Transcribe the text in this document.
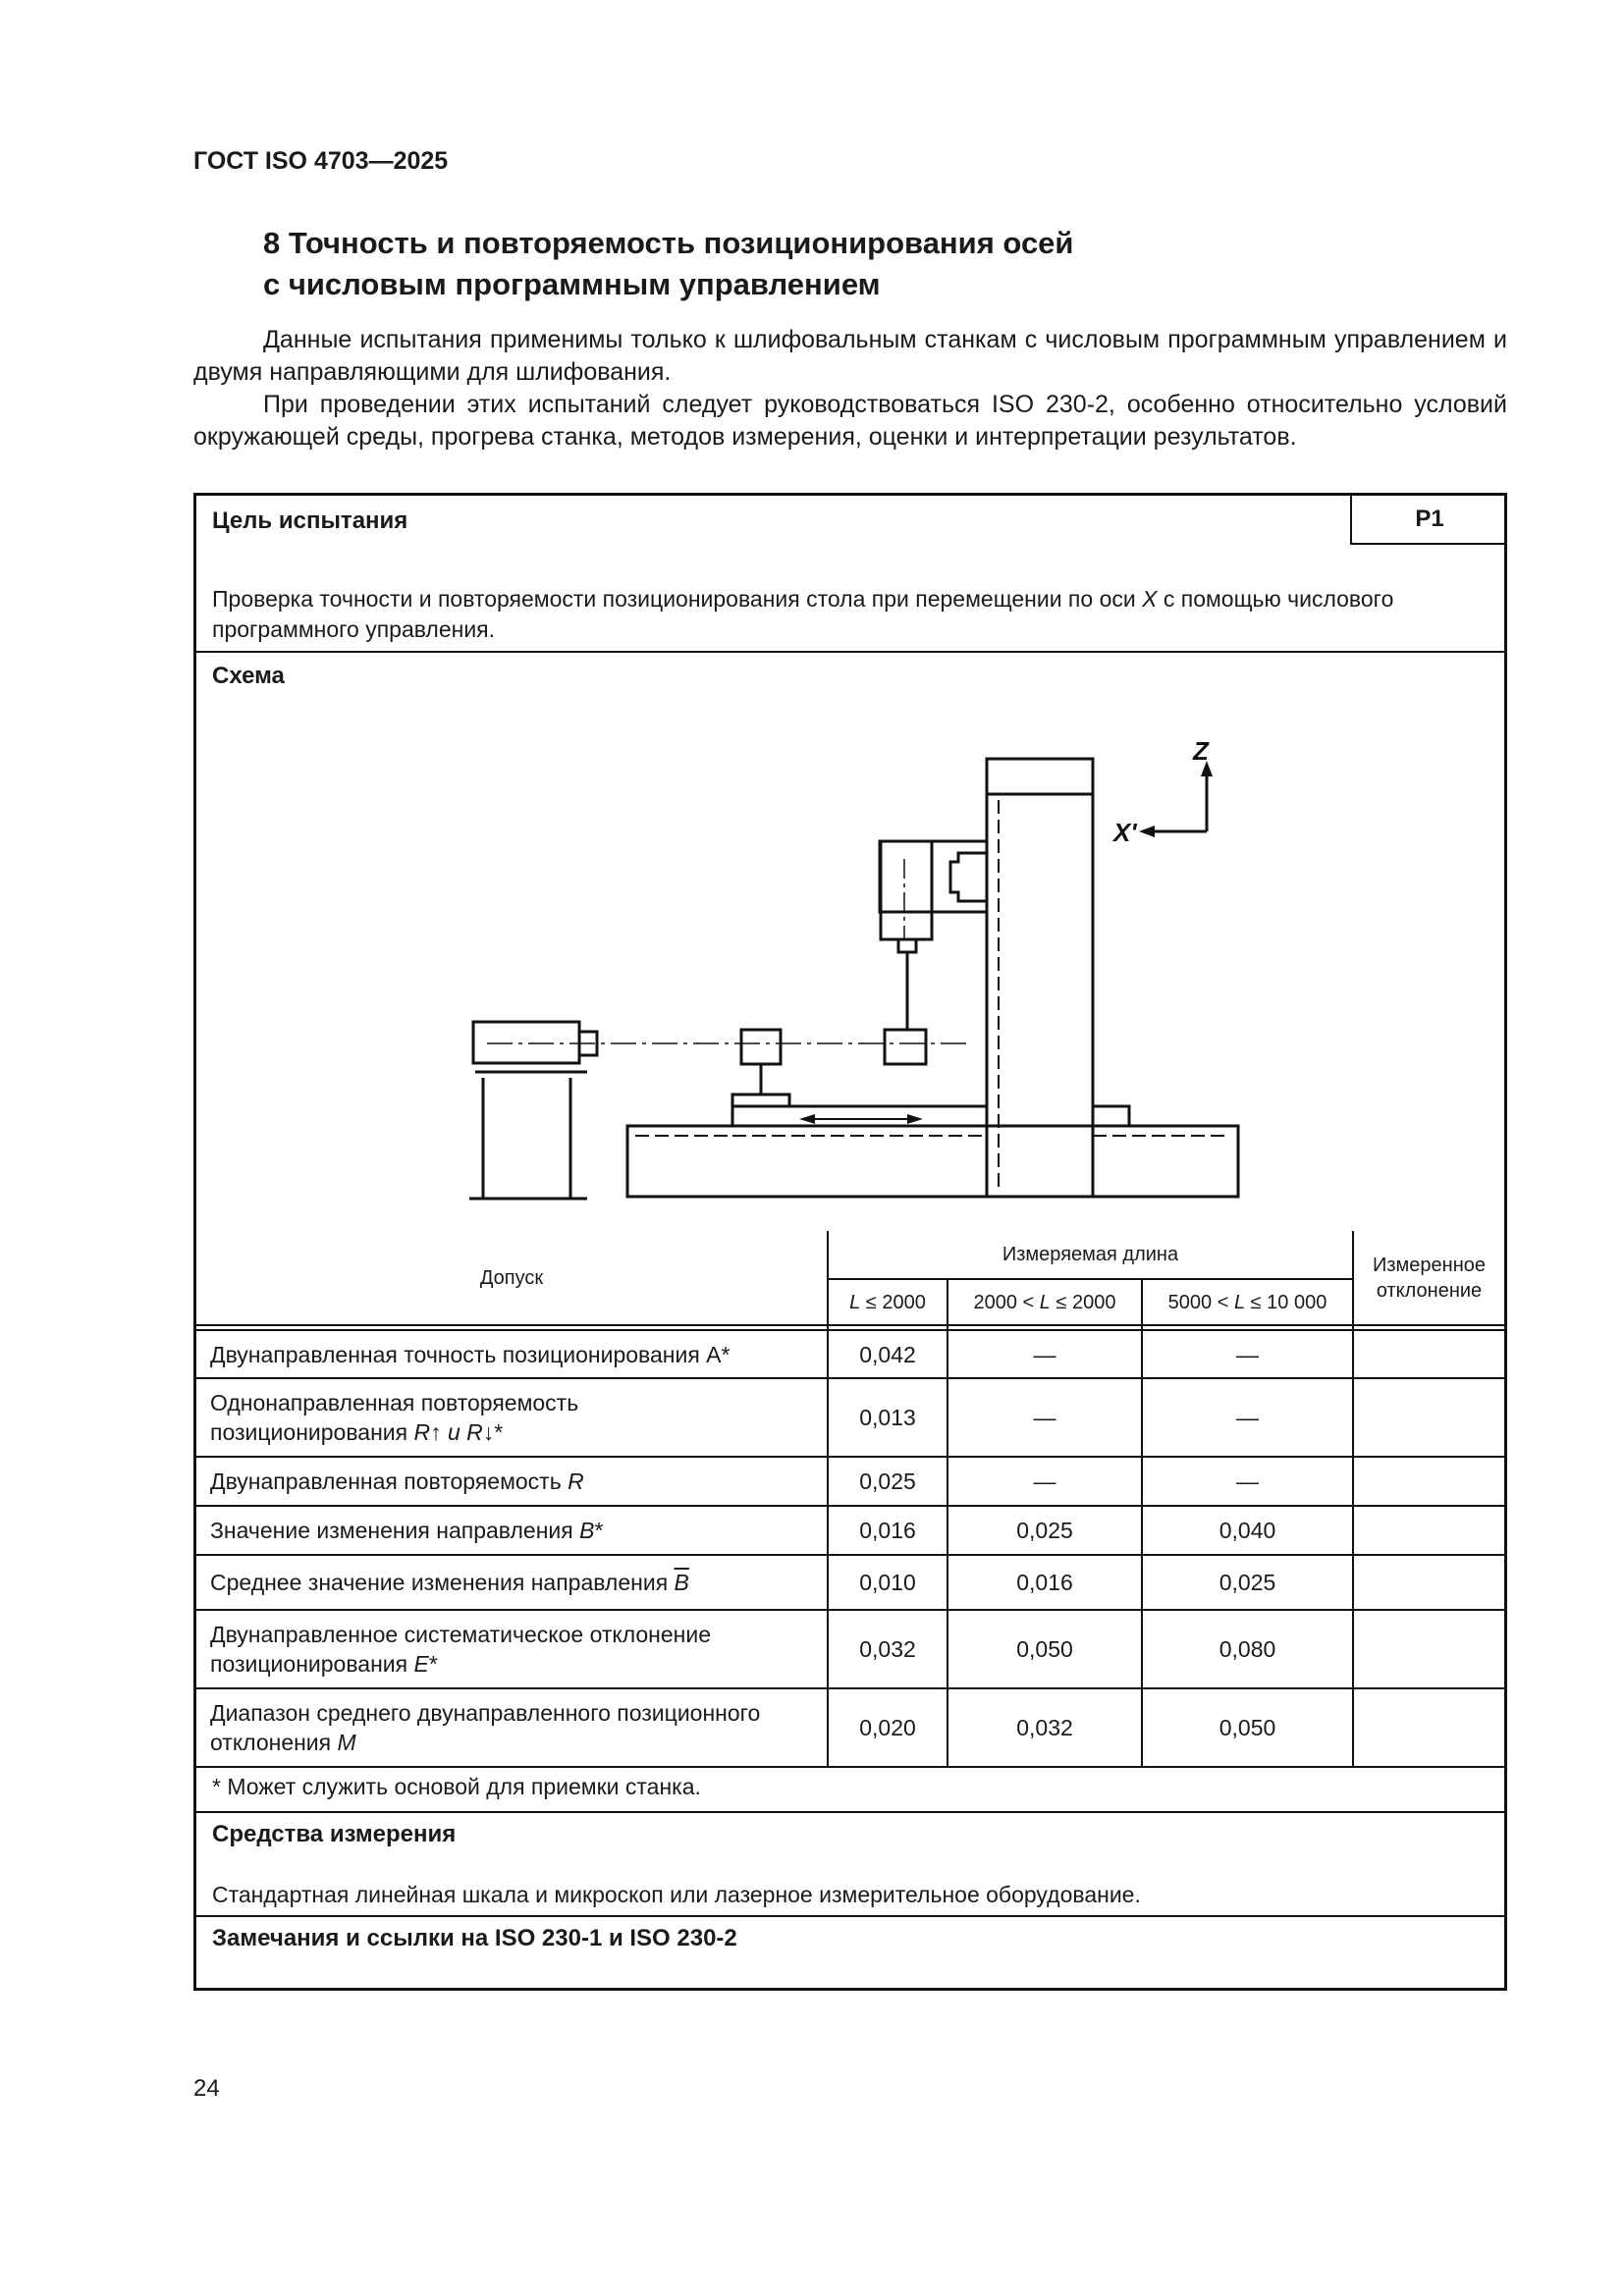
ГОСТ ISO 4703—2025
8 Точность и повторяемость позиционирования осей
с числовым программным управлением

Данные испытания применимы только к шлифовальным станкам с числовым программным управлением и двумя направляющими для шлифования.

При проведении этих испытаний следует руководствоваться ISO 230-2, особенно относительно условий окружающей среды, прогрева станка, методов измерения, оценки и интерпретации результатов.

Цель испытания	P1
Проверка точности и повторяемости позиционирования стола при перемещении по оси X с помощью числового программного управления.
Схема
Z
X'
Допуск	Измеряемая длина			Измеренное
отклонение
	L ≤ 2000	2000 < L ≤ 2000	5000 < L ≤ 10 000	

Двунаправленная точность позиционирования A*	0,042	—	—	
Однонаправленная повторяемость
позиционирования R↑ и R↓*	0,013	—	—	
Двунаправленная повторяемость R	0,025	—	—	
Значение изменения направления B*	0,016	0,025	0,040	
Среднее значение изменения направления $\overline{B}$	0,010	0,016	0,025	
Двунаправленное систематическое отклонение
позиционирования E*	0,032	0,050	0,080	
Диапазон среднего двунаправленного позиционного
отклонения M	0,020	0,032	0,050	
* Может служить основой для приемки станка.
Средства измерения
Стандартная линейная шкала и микроскоп или лазерное измерительное оборудование.
Замечания и ссылки на ISO 230-1 и ISO 230-2
24
